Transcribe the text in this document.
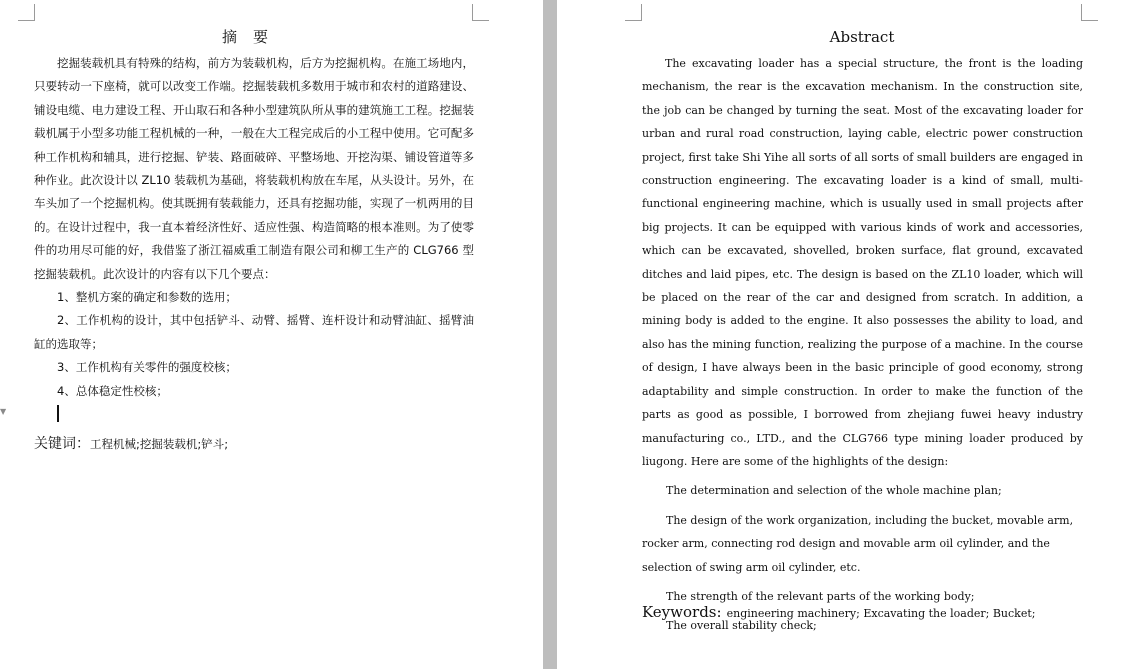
▼
摘要

挖掘装载机具有特殊的结构，前方为装载机构，后方为挖掘机构。在施工场地内，只要转动一下座椅，就可以改变工作端。挖掘装载机多数用于城市和农村的道路建设、铺设电缆、电力建设工程、开山取石和各种小型建筑队所从事的建筑施工工程。挖掘装载机属于小型多功能工程机械的一种，一般在大工程完成后的小工程中使用。它可配多种工作机构和辅具，进行挖掘、铲装、路面破碎、平整场地、开挖沟渠、铺设管道等多种作业。此次设计以 ZL10 装载机为基础，将装载机构放在车尾，从头设计。另外，在车头加了一个挖掘机构。使其既拥有装载能力，还具有挖掘功能，实现了一机两用的目的。在设计过程中，我一直本着经济性好、适应性强、构造简略的根本准则。为了使零件的功用尽可能的好，我借鉴了浙江福威重工制造有限公司和柳工生产的 CLG766 型挖掘装载机。此次设计的内容有以下几个要点：

1、整机方案的确定和参数的选用；

2、工作机构的设计，其中包括铲斗、动臂、摇臂、连杆设计和动臂油缸、摇臂油缸的选取等；

3、工作机构有关零件的强度校核；

4、总体稳定性校核；

关键词：工程机械;挖掘装载机;铲斗;
Abstract

The excavating loader has a special structure, the front is the loading mechanism, the rear is the excavation mechanism. In the construction site, the job can be changed by turning the seat. Most of the excavating loader for urban and rural road construction, laying cable, electric power construction project, first take Shi Yihe all sorts of all sorts of small builders are engaged in construction engineering. The excavating loader is a kind of small, multi-functional engineering machine, which is usually used in small projects after big projects. It can be equipped with various kinds of work and accessories, which can be excavated, shovelled, broken surface, flat ground, excavated ditches and laid pipes, etc. The design is based on the ZL10 loader, which will be placed on the rear of the car and designed from scratch. In addition, a mining body is added to the engine. It also possesses the ability to load, and also has the mining function, realizing the purpose of a machine. In the course of design, I have always been in the basic principle of good economy, strong adaptability and simple construction. In order to make the function of the parts as good as possible, I borrowed from zhejiang fuwei heavy industry manufacturing co., LTD., and the CLG766 type mining loader produced by liugong. Here are some of the highlights of the design:

The determination and selection of the whole machine plan;

The design of the work organization, including the bucket, movable arm, rocker arm, connecting rod design and movable arm oil cylinder, and the selection of swing arm oil cylinder, etc.

The strength of the relevant parts of the working body;

The overall stability check;

Keywords: engineering machinery; Excavating the loader; Bucket;
